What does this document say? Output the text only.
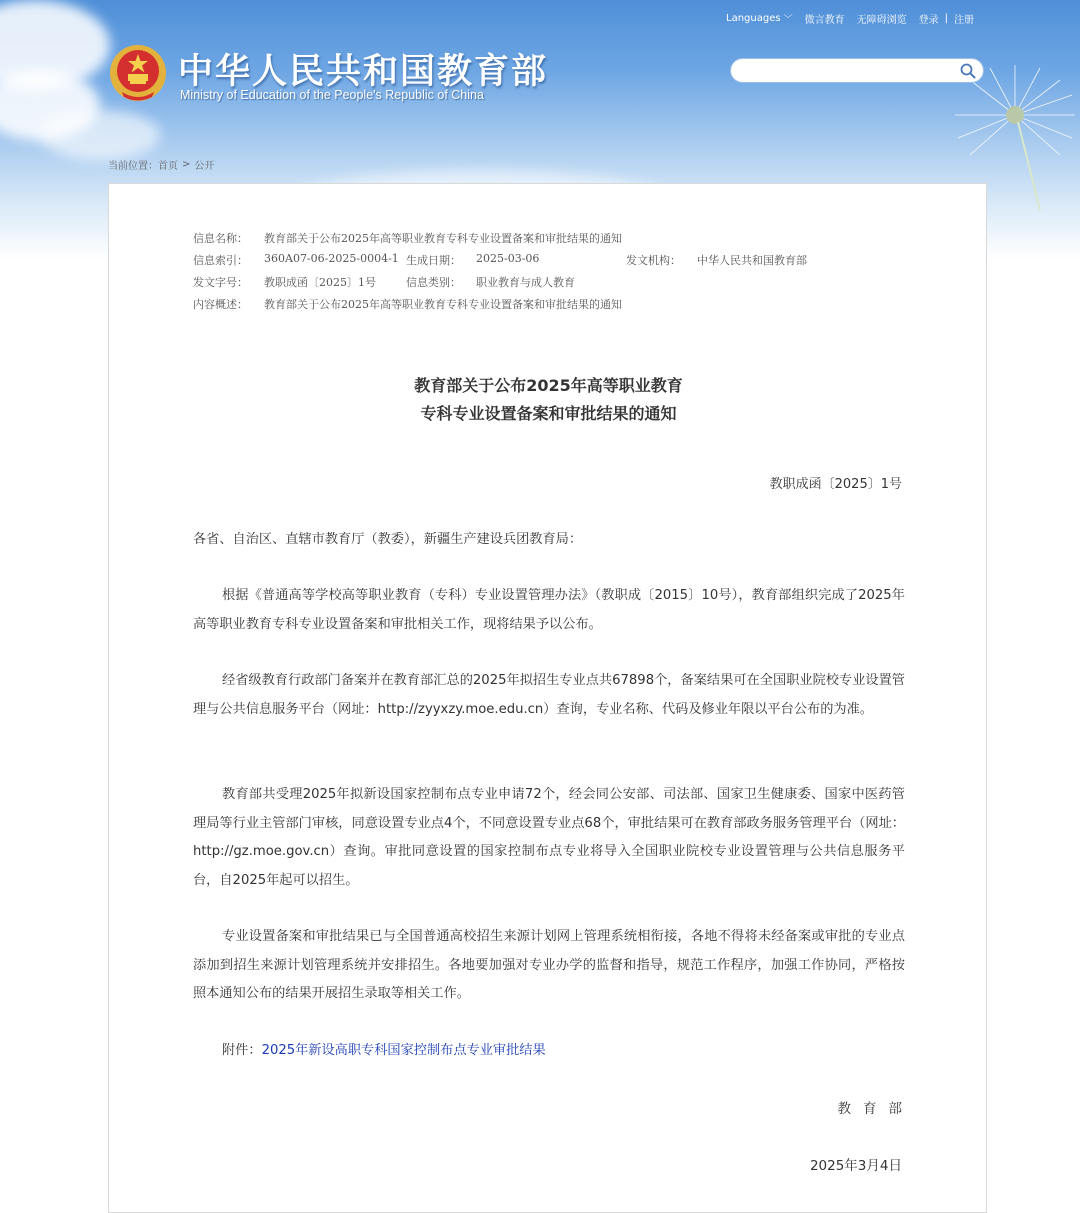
中华人民共和国教育部
Ministry of Education of the People's Republic of China
Languages ﹀ 微言教育 无障碍浏览 登录 | 注册
当前位置： 首页 > 公开
信息名称： 教育部关于公布2025年高等职业教育专科专业设置备案和审批结果的通知
信息索引： 360A07-06-2025-0004-1 生成日期： 2025-03-06	发文机构： 中华人民共和国教育部
发文字号： 教职成函〔2025〕1号	信息类别： 职业教育与成人教育
内容概述： 教育部关于公布2025年高等职业教育专科专业设置备案和审批结果的通知
教育部关于公布2025年高等职业教育
专科专业设置备案和审批结果的通知
教职成函〔2025〕1号
各省、自治区、直辖市教育厅（教委），新疆生产建设兵团教育局：
根据《普通高等学校高等职业教育（专科）专业设置管理办法》（教职成〔2015〕10号），教育部组织完成了2025年高等职业教育专科专业设置备案和审批相关工作，现将结果予以公布。
经省级教育行政部门备案并在教育部汇总的2025年拟招生专业点共67898个，备案结果可在全国职业院校专业设置管理与公共信息服务平台（网址：http://zyyxzy.moe.edu.cn）查询，专业名称、代码及修业年限以平台公布的为准。
教育部共受理2025年拟新设国家控制布点专业申请72个，经会同公安部、司法部、国家卫生健康委、国家中医药管理局等行业主管部门审核，同意设置专业点4个，不同意设置专业点68个，审批结果可在教育部政务服务管理平台（网址：http://gz.moe.gov.cn）查询。审批同意设置的国家控制布点专业将导入全国职业院校专业设置管理与公共信息服务平台，自2025年起可以招生。
专业设置备案和审批结果已与全国普通高校招生来源计划网上管理系统相衔接，各地不得将未经备案或审批的专业点添加到招生来源计划管理系统并安排招生。各地要加强对专业办学的监督和指导，规范工作程序，加强工作协同，严格按照本通知公布的结果开展招生录取等相关工作。
附件：2025年新设高职专科国家控制布点专业审批结果
教育部
2025年3月4日
